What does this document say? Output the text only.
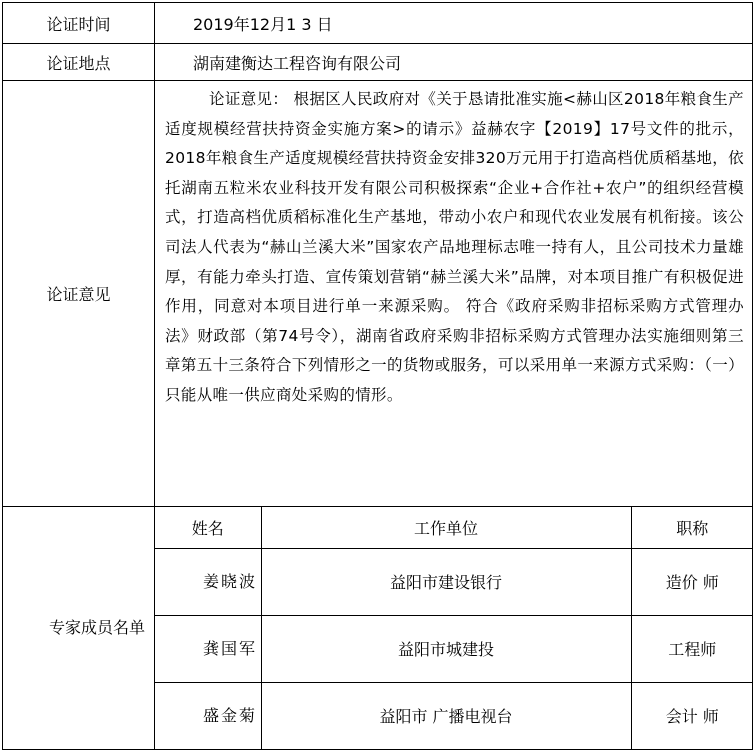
论证时间	2019年12月1 3 日
论证地点	湖南建衡达工程咨询有限公司
论证意见	论证意见： 根据区人民政府对《关于恳请批准实施<赫山区2018年粮食生产适度规模经营扶持资金实施方案>的请示》益赫农字【2019】17号文件的批示，2018年粮食生产适度规模经营扶持资金安排320万元用于打造高档优质稻基地，依托湖南五粒米农业科技开发有限公司积极探索“企业+合作社+农户”的组织经营模式，打造高档优质稻标准化生产基地，带动小农户和现代农业发展有机衔接。该公司法人代表为“赫山兰溪大米”国家农产品地理标志唯一持有人，且公司技术力量雄厚，有能力牵头打造、宣传策划营销“赫兰溪大米”品牌，对本项目推广有积极促进作用，同意对本项目进行单一来源采购。 符合《政府采购非招标采购方式管理办法》财政部（第74号令），湖南省政府采购非招标采购方式管理办法实施细则第三章第五十三条符合下列情形之一的货物或服务，可以采用单一来源方式采购：（一）只能从唯一供应商处采购的情形。
专家成员名单	
姓名	工作单位	职称
姜晓波	益阳市建设银行	造价 师
龚国军	益阳市城建投	工程师
盛金菊	益阳市 广播电视台	会计 师
